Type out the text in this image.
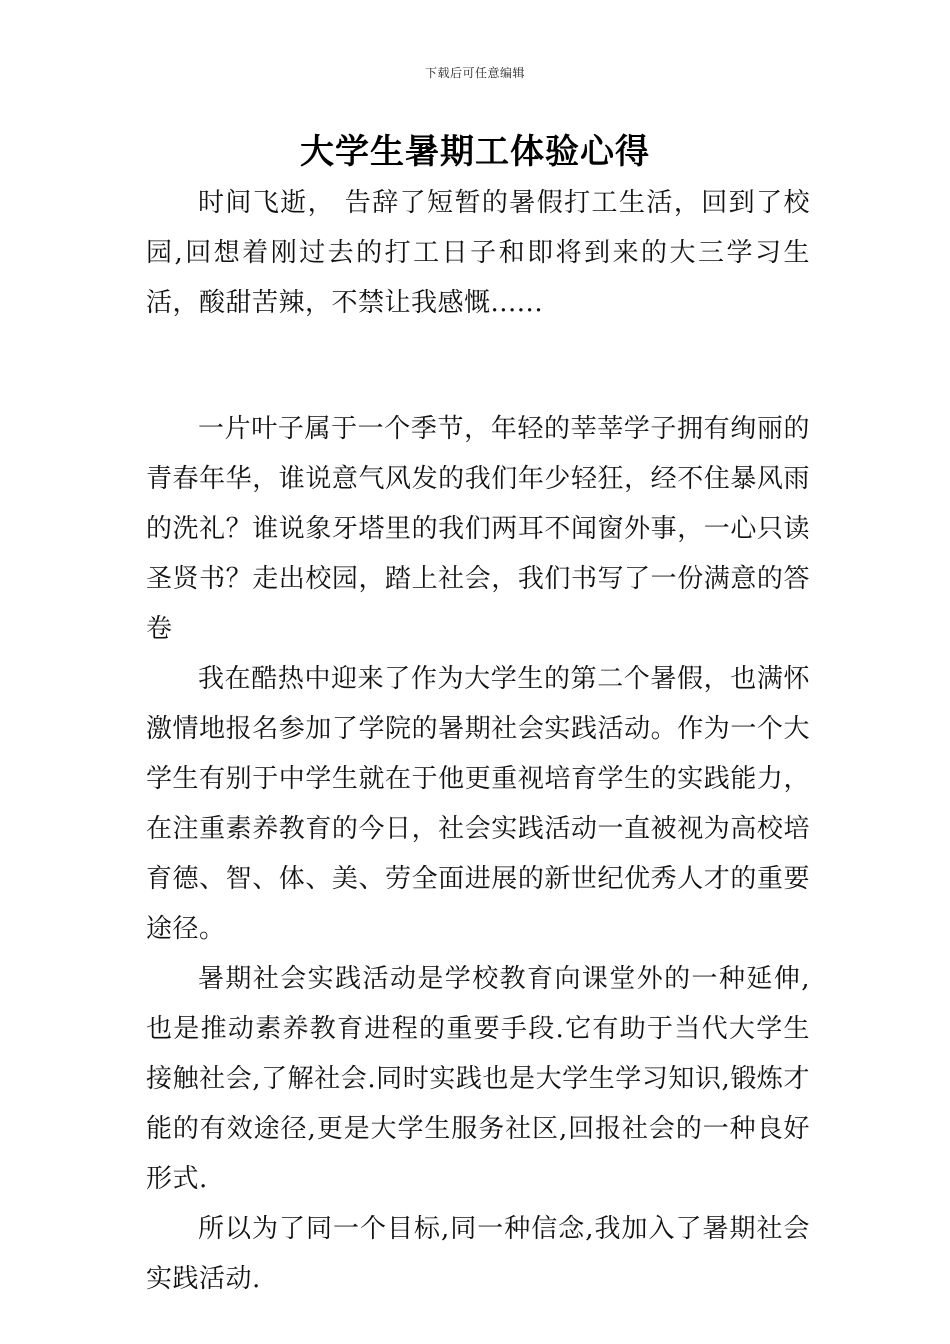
下载后可任意编辑
大学生暑期工体验心得

时间飞逝， 告辞了短暂的暑假打工生活，回到了校园,回想着刚过去的打工日子和即将到来的大三学习生活，酸甜苦辣，不禁让我感慨......

一片叶子属于一个季节，年轻的莘莘学子拥有绚丽的青春年华，谁说意气风发的我们年少轻狂，经不住暴风雨的洗礼？谁说象牙塔里的我们两耳不闻窗外事，一心只读圣贤书？走出校园，踏上社会，我们书写了一份满意的答卷

我在酷热中迎来了作为大学生的第二个暑假，也满怀激情地报名参加了学院的暑期社会实践活动。作为一个大学生有别于中学生就在于他更重视培育学生的实践能力，在注重素养教育的今日，社会实践活动一直被视为高校培育德、智、体、美、劳全面进展的新世纪优秀人才的重要途径。

暑期社会实践活动是学校教育向课堂外的一种延伸,也是推动素养教育进程的重要手段.它有助于当代大学生接触社会,了解社会.同时实践也是大学生学习知识,锻炼才能的有效途径,更是大学生服务社区,回报社会的一种良好形式.

所以为了同一个目标,同一种信念,我加入了暑期社会实践活动.
